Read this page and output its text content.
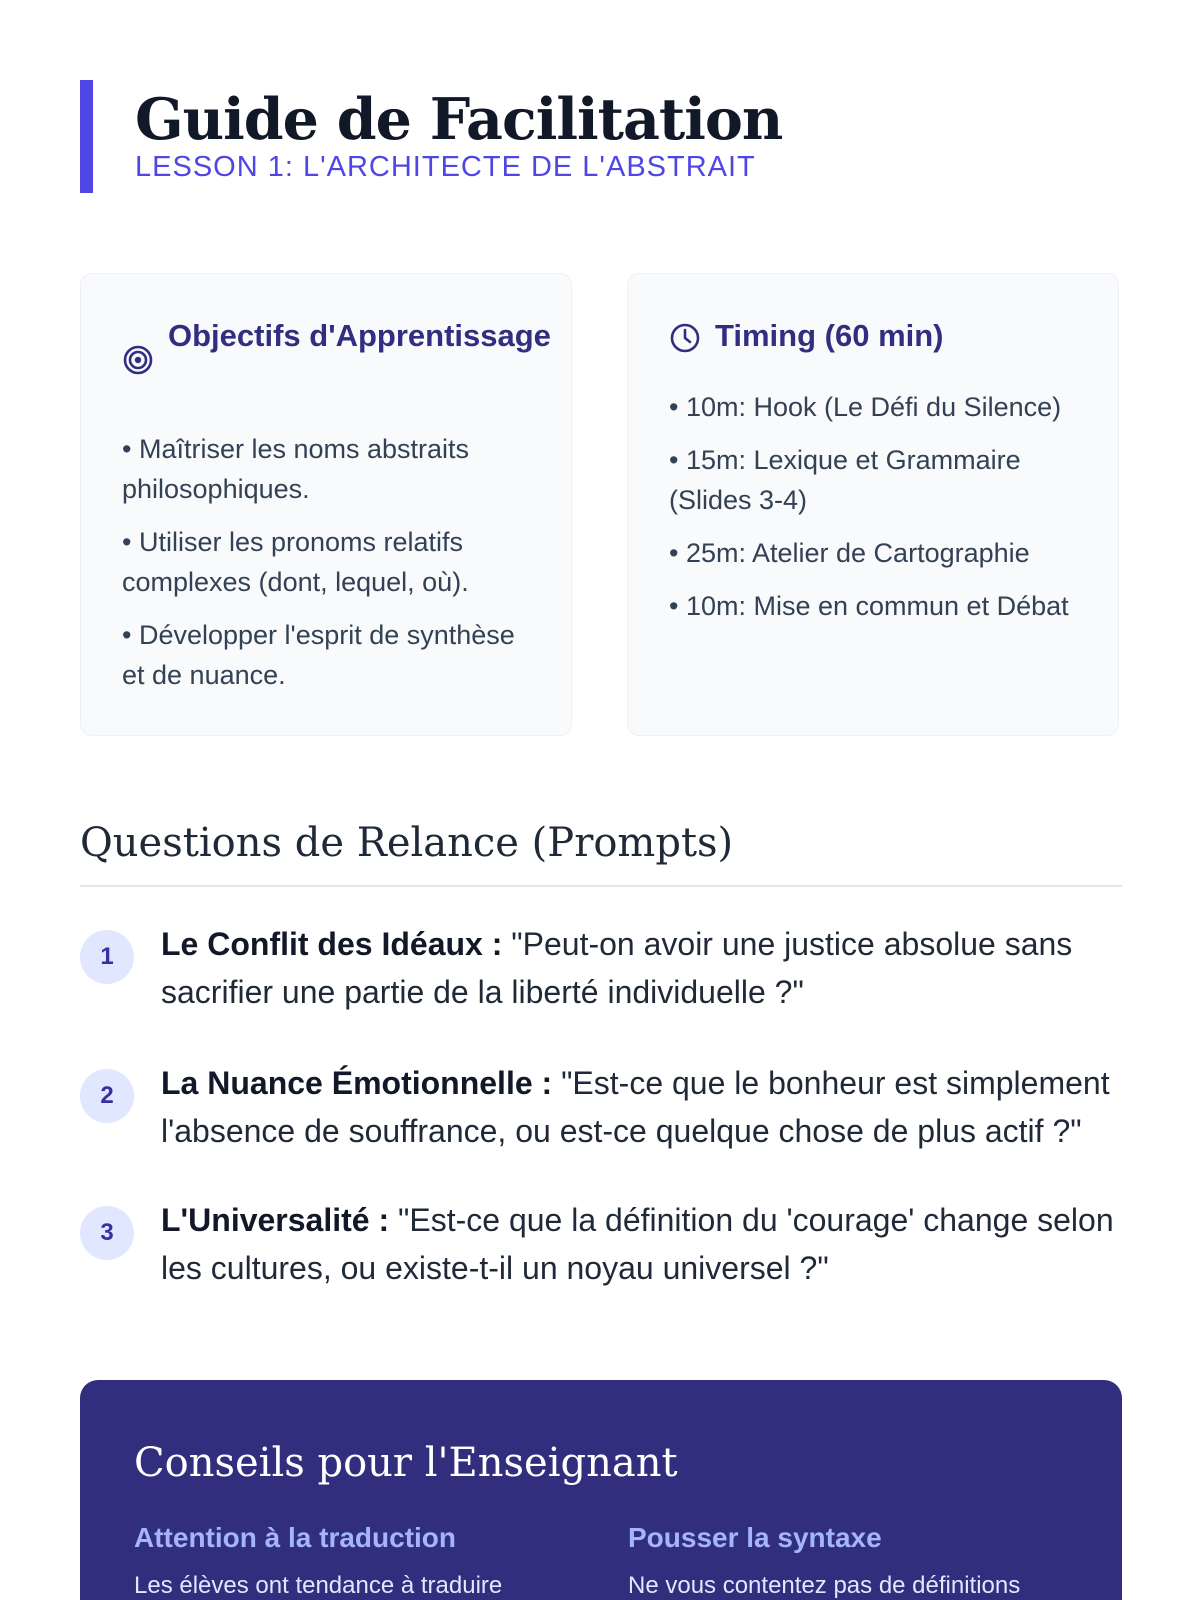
Guide de Facilitation
LESSON 1: L'ARCHITECTE DE L'ABSTRAIT
Objectifs d'Apprentissage
• Maîtriser les noms abstraits philosophiques.
• Utiliser les pronoms relatifs complexes (dont, lequel, où).
• Développer l'esprit de synthèse et de nuance.
Timing (60 min)
• 10m: Hook (Le Défi du Silence)
• 15m: Lexique et Grammaire (Slides 3-4)
• 25m: Atelier de Cartographie
• 10m: Mise en commun et Débat
Questions de Relance (Prompts)
1	Le Conflit des Idéaux : "Peut-on avoir une justice absolue sans sacrifier une partie de la liberté individuelle ?"
2	La Nuance Émotionnelle : "Est-ce que le bonheur est simplement l'absence de souffrance, ou est-ce quelque chose de plus actif ?"
3	L'Universalité : "Est-ce que la définition du 'courage' change selon les cultures, ou existe-t-il un noyau universel ?"
Conseils pour l'Enseignant
Attention à la traduction
Les élèves ont tendance à traduire
Pousser la syntaxe
Ne vous contentez pas de définitions
